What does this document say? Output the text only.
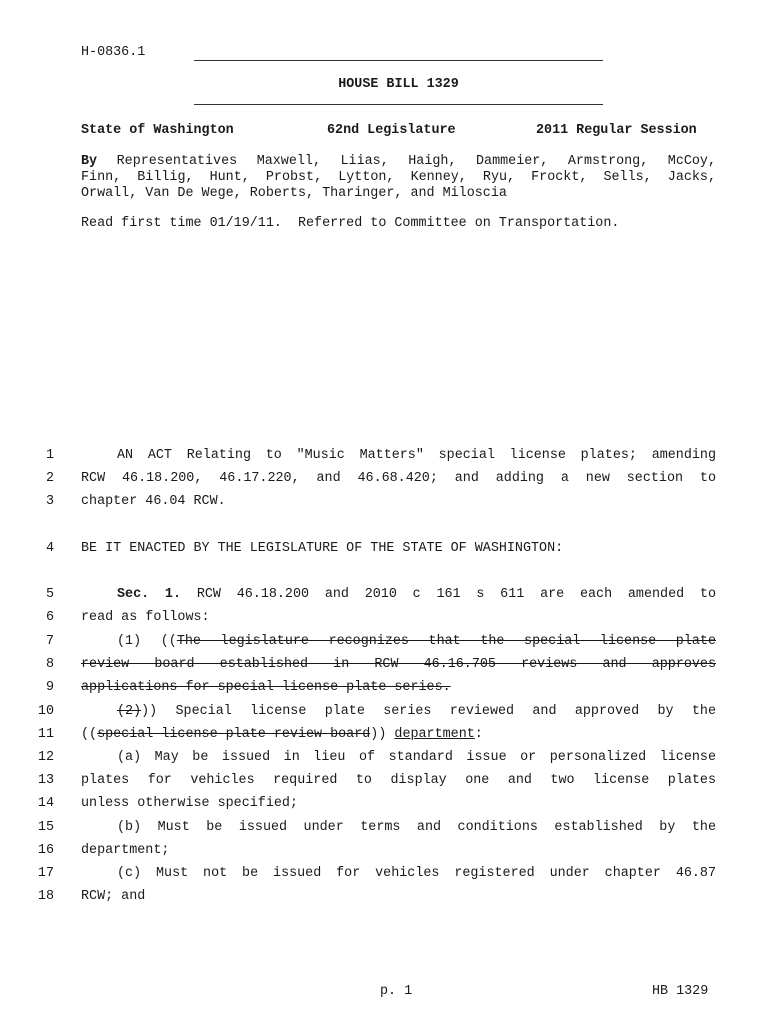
H-0836.1
HOUSE BILL 1329
State of Washington	62nd Legislature	2011 Regular Session
By Representatives Maxwell, Liias, Haigh, Dammeier, Armstrong, McCoy,
Finn, Billig, Hunt, Probst, Lytton, Kenney, Ryu, Frockt, Sells, Jacks,
Orwall, Van De Wege, Roberts, Tharinger, and Miloscia
Read first time 01/19/11.  Referred to Committee on Transportation.
1
2
3
4
5
6
7
8
9
10
11
12
13
14
15
16
17
18
AN ACT Relating to "Music Matters" special license plates; amending
RCW 46.18.200, 46.17.220, and 46.68.420; and adding a new section to
chapter 46.04 RCW.
BE IT ENACTED BY THE LEGISLATURE OF THE STATE OF WASHINGTON:
Sec. 1. RCW 46.18.200 and 2010 c 161 s 611 are each amended to
read as follows:
(1) ((The legislature recognizes that the special license plate
review board established in RCW 46.16.705 reviews and approves
applications for special license plate series.
(2))) Special license plate series reviewed and approved by the
((special license plate review board)) department:
(a) May be issued in lieu of standard issue or personalized license
plates for vehicles required to display one and two license plates
unless otherwise specified;
(b) Must be issued under terms and conditions established by the
department;
(c) Must not be issued for vehicles registered under chapter 46.87
RCW; and
p. 1	HB 1329
